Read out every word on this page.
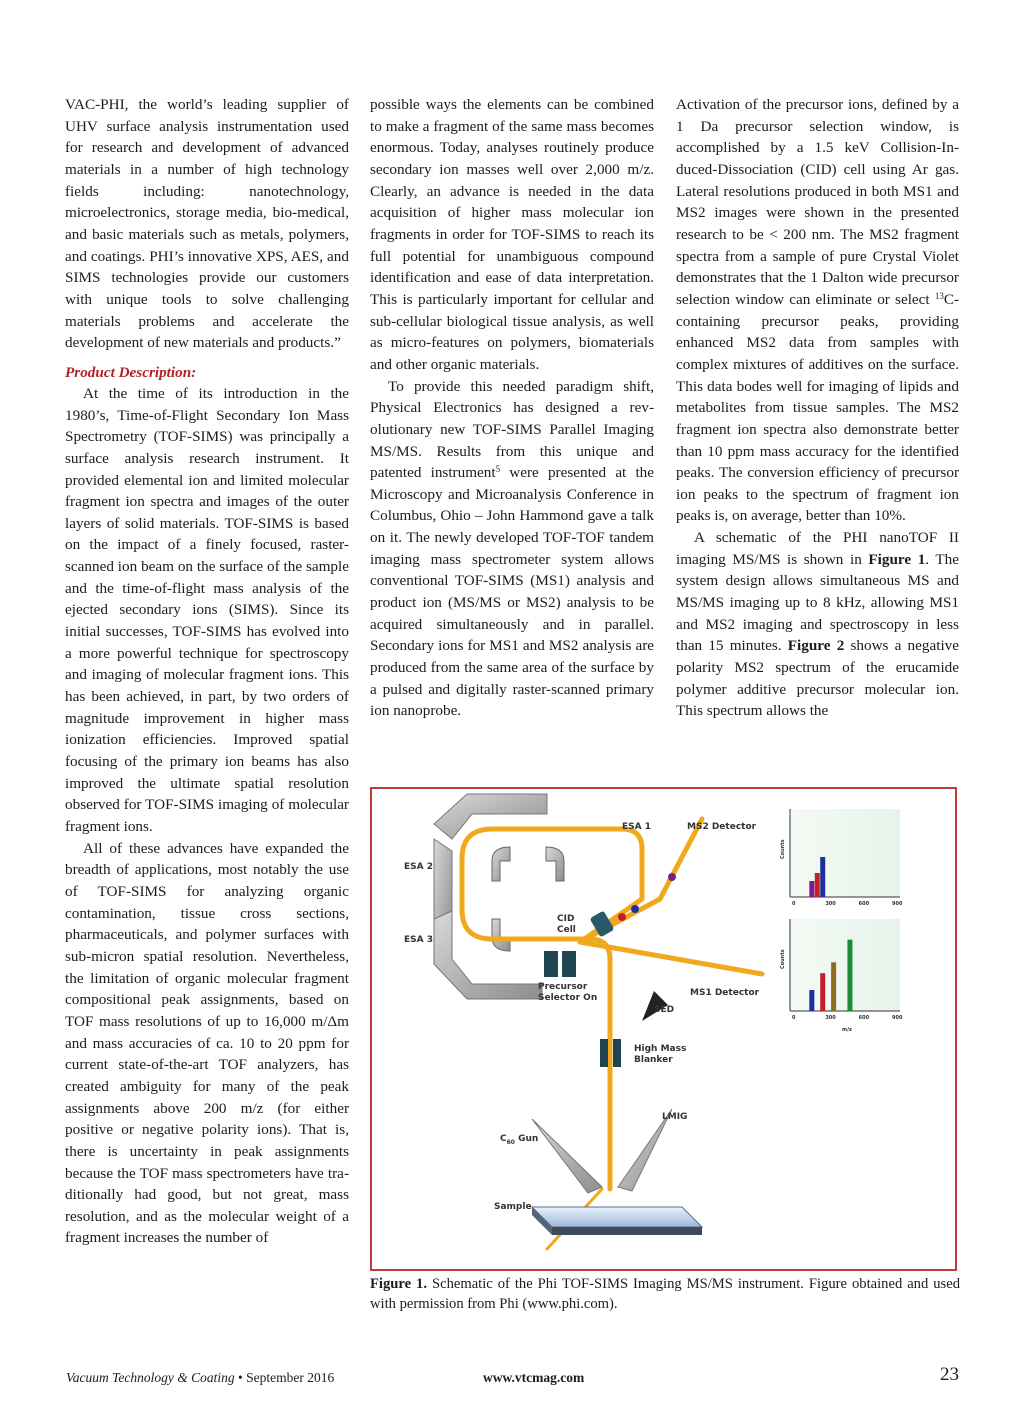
VAC-PHI, the world’s leading supplier of UHV surface analysis instrumentation used for research and development of advanced materials in a number of high technology fields including: nanotechnology, microelectronics, storage media, bio-medical, and basic materials such as metals, polymers, and coatings. PHI’s innovative XPS, AES, and SIMS technologies provide our customers with unique tools to solve challenging materials problems and accelerate the development of new materials and products.”

Product Description:

At the time of its introduction in the 1980’s, Time-of-Flight Secondary Ion Mass Spectrometry (TOF-SIMS) was principally a surface analysis research instrument. It provided elemental ion and limited molecular fragment ion spectra and images of the outer layers of solid materials. TOF-SIMS is based on the impact of a finely focused, raster-scanned ion beam on the surface of the sample and the time-of-flight mass analysis of the ejected secondary ions (SIMS). Since its initial successes, TOF-SIMS has evolved into a more powerful technique for spectroscopy and imaging of molecular fragment ions. This has been achieved, in part, by two orders of magnitude improvement in higher mass ionization efficiencies. Improved spatial focusing of the primary ion beams has also improved the ultimate spatial resolution observed for TOF-SIMS imaging of molecular fragment ions.

All of these advances have expanded the breadth of applications, most notably the use of TOF-SIMS for analyzing organic contamination, tissue cross sections, pharmaceuticals, and polymer surfaces with sub-micron spatial resolution. Nevertheless, the limitation of organic molecular fragment compositional peak assignments, based on TOF mass resolutions of up to 16,000 m/Δm and mass accuracies of ca. 10 to 20 ppm for current state-of-the-art TOF analyzers, has created ambiguity for many of the peak assignments above 200 m/z (for either positive or negative polarity ions). That is, there is uncertainty in peak assignments because the TOF mass spectrometers have traditionally had good, but not great, mass resolution, and as the molecular weight of a fragment increases the number of

possible ways the elements can be combined to make a fragment of the same mass becomes enormous. Today, analyses routinely produce secondary ion masses well over 2,000 m/z. Clearly, an advance is needed in the data acquisition of higher mass molecular ion fragments in order for TOF-SIMS to reach its full potential for unambiguous compound identification and ease of data interpretation. This is particularly important for cellular and sub-cellular biological tissue analysis, as well as micro-features on polymers, biomaterials and other organic materials.

To provide this needed paradigm shift, Physical Electronics has designed a revolutionary new TOF-SIMS Parallel Imaging MS/MS. Results from this unique and patented instrument$^5$ were presented at the Microscopy and Microanalysis Conference in Columbus, Ohio – John Hammond gave a talk on it. The newly developed TOF-TOF tandem imaging mass spectrometer system allows conventional TOF-SIMS (MS1) analysis and product ion (MS/MS or MS2) analysis to be acquired simultaneously and in parallel. Secondary ions for MS1 and MS2 analysis are produced from the same area of the surface by a pulsed and digitally raster-scanned primary ion nanoprobe.

Activation of the precursor ions, defined by a 1 Da precursor selection window, is accomplished by a 1.5 keV Collision-Induced-Dissociation (CID) cell using Ar gas. Lateral resolutions produced in both MS1 and MS2 images were shown in the presented research to be < 200 nm. The MS2 fragment spectra from a sample of pure Crystal Violet demonstrates that the 1 Dalton wide precursor selection window can eliminate or select $^{13}$C-containing precursor peaks, providing enhanced MS2 data from samples with complex mixtures of additives on the surface. This data bodes well for imaging of lipids and metabolites from tissue samples. The MS2 fragment ion spectra also demonstrate better than 10 ppm mass accuracy for the identified peaks. The conversion efficiency of precursor ion peaks to the spectrum of fragment ion peaks is, on average, better than 10%.

A schematic of the PHI nanoTOF II imaging MS/MS is shown in Figure 1. The system design allows simultaneous MS and MS/MS imaging up to 8 kHz, allowing MS1 and MS2 imaging and spectroscopy in less than 15 minutes. Figure 2 shows a negative polarity MS2 spectrum of the erucamide polymer additive precursor molecular ion. This spectrum allows the

0	300	600	900
0	300	600	900
ESA 1	MS2 Detector
ESA 2
ESA 3
CID
Cell
Precursor
Selector On
SED
MS1 Detector
High Mass
Blanker
LMIG
$C_{60}$ Gun
Sample
Counts
Counts
m/z
Figure 1. Schematic of the Phi TOF-SIMS Imaging MS/MS instrument. Figure obtained and used with permission from Phi (www.phi.com).
Vacuum Technology & Coating • September 2016	www.vtcmag.com	23
